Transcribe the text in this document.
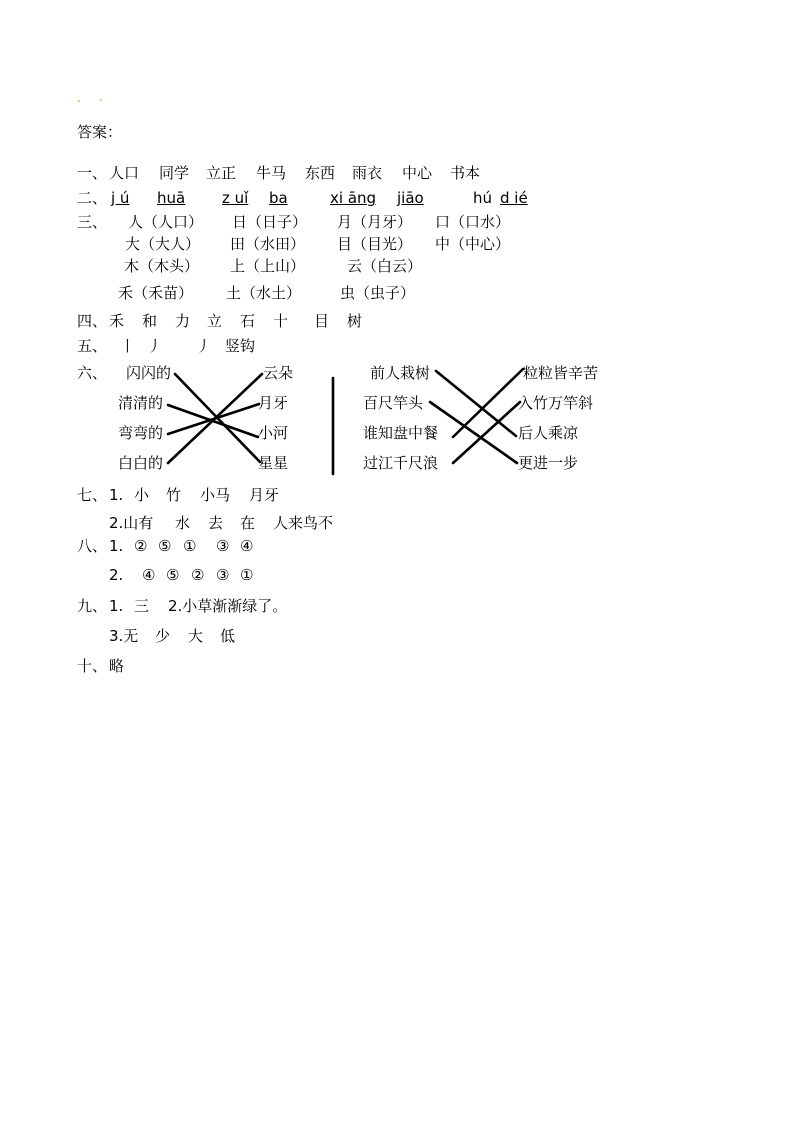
答案：
一、 人口 同学 立正 牛马 东西 雨衣 中心 书本
二、 j ú huā z uǐ ba	xi āng jiāo	hú d ié
三、 人（人口） 日（日子） 月（月牙） 口（口水）
大（大人） 田（水田） 目（目光） 中（中心）
木（木头） 上（上山）	云（白云）
禾（禾苗） 土（水土）	虫（虫子）
四、 禾 和 力 立 石 十 目 树
五、 丨 丿 丿 竖钩
六、 闪闪的
清清的
弯弯的
白白的
云朵
月牙
小河
星星
前人栽树
百尺竿头
谁知盘中餐
过江千尺浪
粒粒皆辛苦
入竹万竿斜
后人乘凉
更进一步
七、 1. 小 竹 小马 月牙
2.山有 水 去 在 人来鸟不
八、 1. ② ⑤ ① ③ ④
2. ④ ⑤ ② ③ ①
九、 1. 三 2.小草渐渐绿了。
3.无 少 大 低
十、 略
